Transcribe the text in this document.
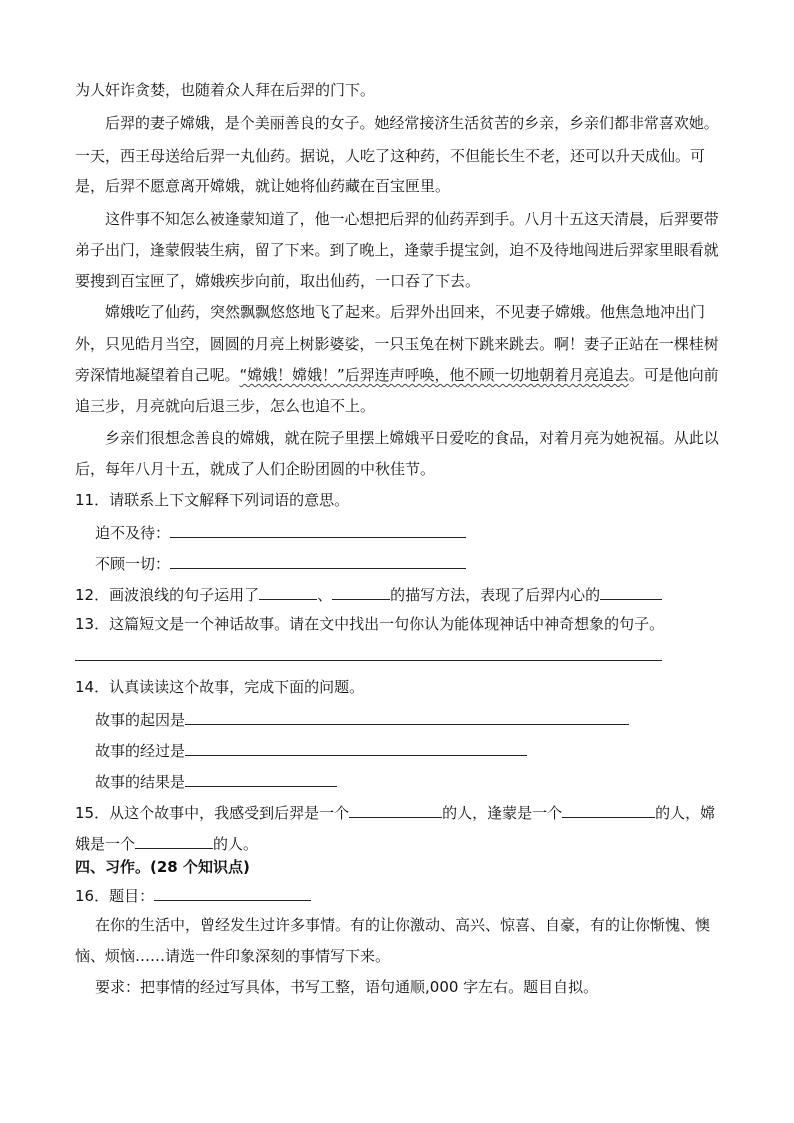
为人奸诈贪婪，也随着众人拜在后羿的门下。
后羿的妻子嫦娥，是个美丽善良的女子。她经常接济生活贫苦的乡亲，乡亲们都非常喜欢她。
一天，西王母送给后羿一丸仙药。据说，人吃了这种药，不但能长生不老，还可以升天成仙。可
是，后羿不愿意离开嫦娥，就让她将仙药藏在百宝匣里。
这件事不知怎么被逢蒙知道了，他一心想把后羿的仙药弄到手。八月十五这天清晨，后羿要带
弟子出门，逢蒙假装生病，留了下来。到了晚上，逢蒙手提宝剑，迫不及待地闯进后羿家里眼看就
要搜到百宝匣了，嫦娥疾步向前，取出仙药，一口吞了下去。
嫦娥吃了仙药，突然飘飘悠悠地飞了起来。后羿外出回来，不见妻子嫦娥。他焦急地冲出门
外，只见皓月当空，圆圆的月亮上树影婆娑，一只玉兔在树下跳来跳去。啊！妻子正站在一棵桂树
旁深情地凝望着自己呢。“嫦娥！嫦娥！”后羿连声呼唤，他不顾一切地朝着月亮追去。可是他向前
追三步，月亮就向后退三步，怎么也追不上。
乡亲们很想念善良的嫦娥，就在院子里摆上嫦娥平日爱吃的食品，对着月亮为她祝福。从此以
后，每年八月十五，就成了人们企盼团圆的中秋佳节。
11．请联系上下文解释下列词语的意思。
迫不及待：
不顾一切：
12．画波浪线的句子运用了	、	的描写方法，表现了后羿内心的
13．这篇短文是一个神话故事。请在文中找出一句你认为能体现神话中神奇想象的句子。
14．认真读读这个故事，完成下面的问题。
故事的起因是
故事的经过是
故事的结果是
15．从这个故事中，我感受到后羿是一个	的人，逢蒙是一个	的人，嫦
娥是一个	的人。
四、习作。(28 个知识点)
16．题目：
在你的生活中，曾经发生过许多事情。有的让你激动、高兴、惊喜、自豪，有的让你惭愧、懊
恼、烦恼……请选一件印象深刻的事情写下来。
要求：把事情的经过写具体，书写工整，语句通顺,000 字左右。题目自拟。
